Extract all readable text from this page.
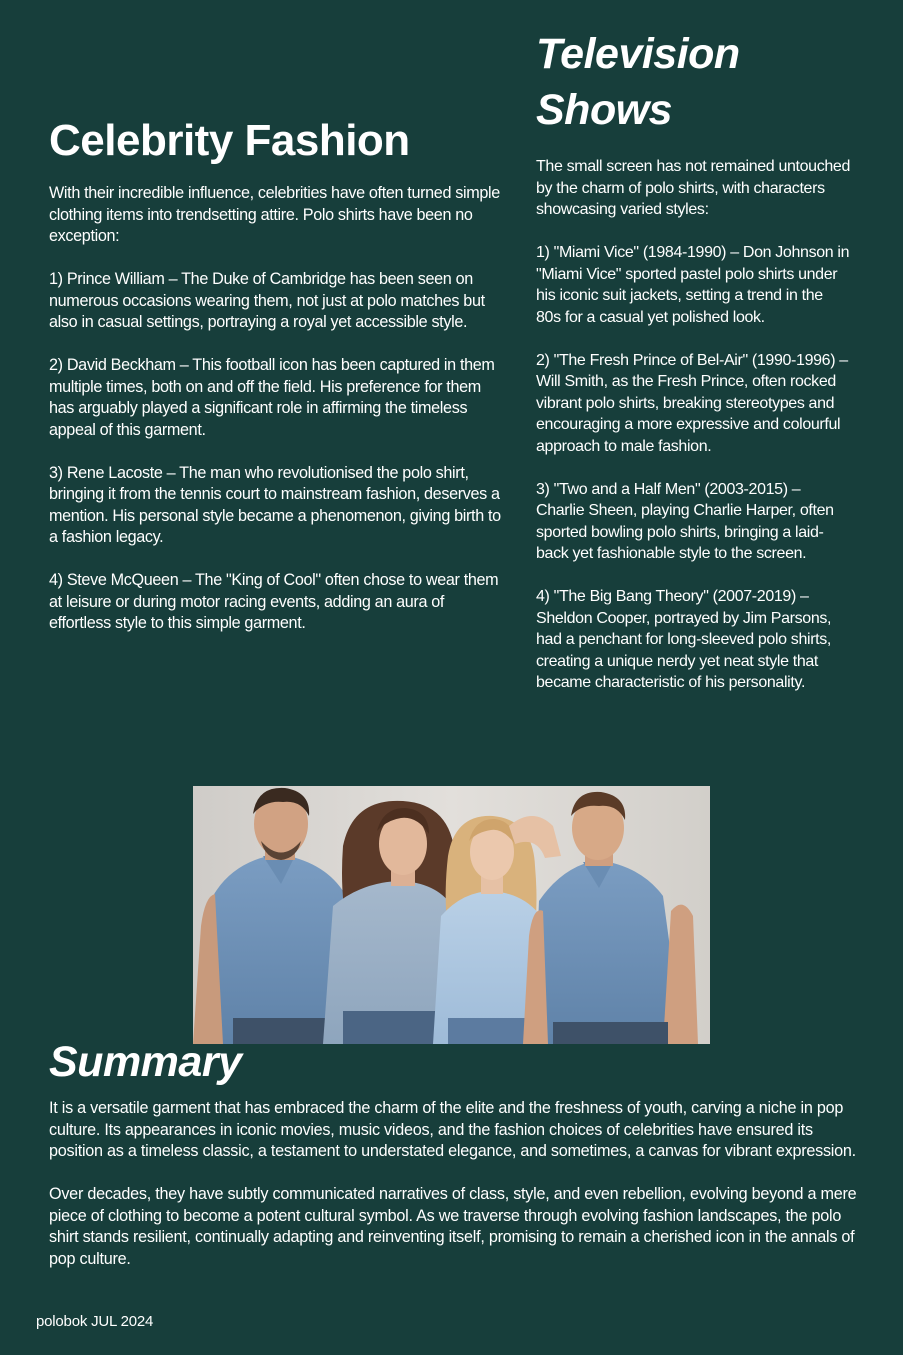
Celebrity Fashion

With their incredible influence, celebrities have often turned simple clothing items into trendsetting attire. Polo shirts have been no exception:

1) Prince William – The Duke of Cambridge has been seen on numerous occasions wearing them, not just at polo matches but also in casual settings, portraying a royal yet accessible style.

2) David Beckham – This football icon has been captured in them multiple times, both on and off the field. His preference for them has arguably played a significant role in affirming the timeless appeal of this garment.

3) Rene Lacoste – The man who revolutionised the polo shirt, bringing it from the tennis court to mainstream fashion, deserves a mention. His personal style became a phenomenon, giving birth to a fashion legacy.

4) Steve McQueen – The "King of Cool" often chose to wear them at leisure or during motor racing events, adding an aura of effortless style to this simple garment.

Television
Shows

The small screen has not remained untouched by the charm of polo shirts, with characters showcasing varied styles:

1) "Miami Vice" (1984-1990) – Don Johnson in "Miami Vice" sported pastel polo shirts under his iconic suit jackets, setting a trend in the 80s for a casual yet polished look.

2) "The Fresh Prince of Bel-Air" (1990-1996) – Will Smith, as the Fresh Prince, often rocked vibrant polo shirts, breaking stereotypes and encouraging a more expressive and colourful approach to male fashion.

3) "Two and a Half Men" (2003-2015) – Charlie Sheen, playing Charlie Harper, often sported bowling polo shirts, bringing a laid-back yet fashionable style to the screen.

4) "The Big Bang Theory" (2007-2019) – Sheldon Cooper, portrayed by Jim Parsons, had a penchant for long-sleeved polo shirts, creating a unique nerdy yet neat style that became characteristic of his personality.

Summary

It is a versatile garment that has embraced the charm of the elite and the freshness of youth, carving a niche in pop culture. Its appearances in iconic movies, music videos, and the fashion choices of celebrities have ensured its position as a timeless classic, a testament to understated elegance, and sometimes, a canvas for vibrant expression.

Over decades, they have subtly communicated narratives of class, style, and even rebellion, evolving beyond a mere piece of clothing to become a potent cultural symbol. As we traverse through evolving fashion landscapes, the polo shirt stands resilient, continually adapting and reinventing itself, promising to remain a cherished icon in the annals of pop culture.

polobok JUL 2024
